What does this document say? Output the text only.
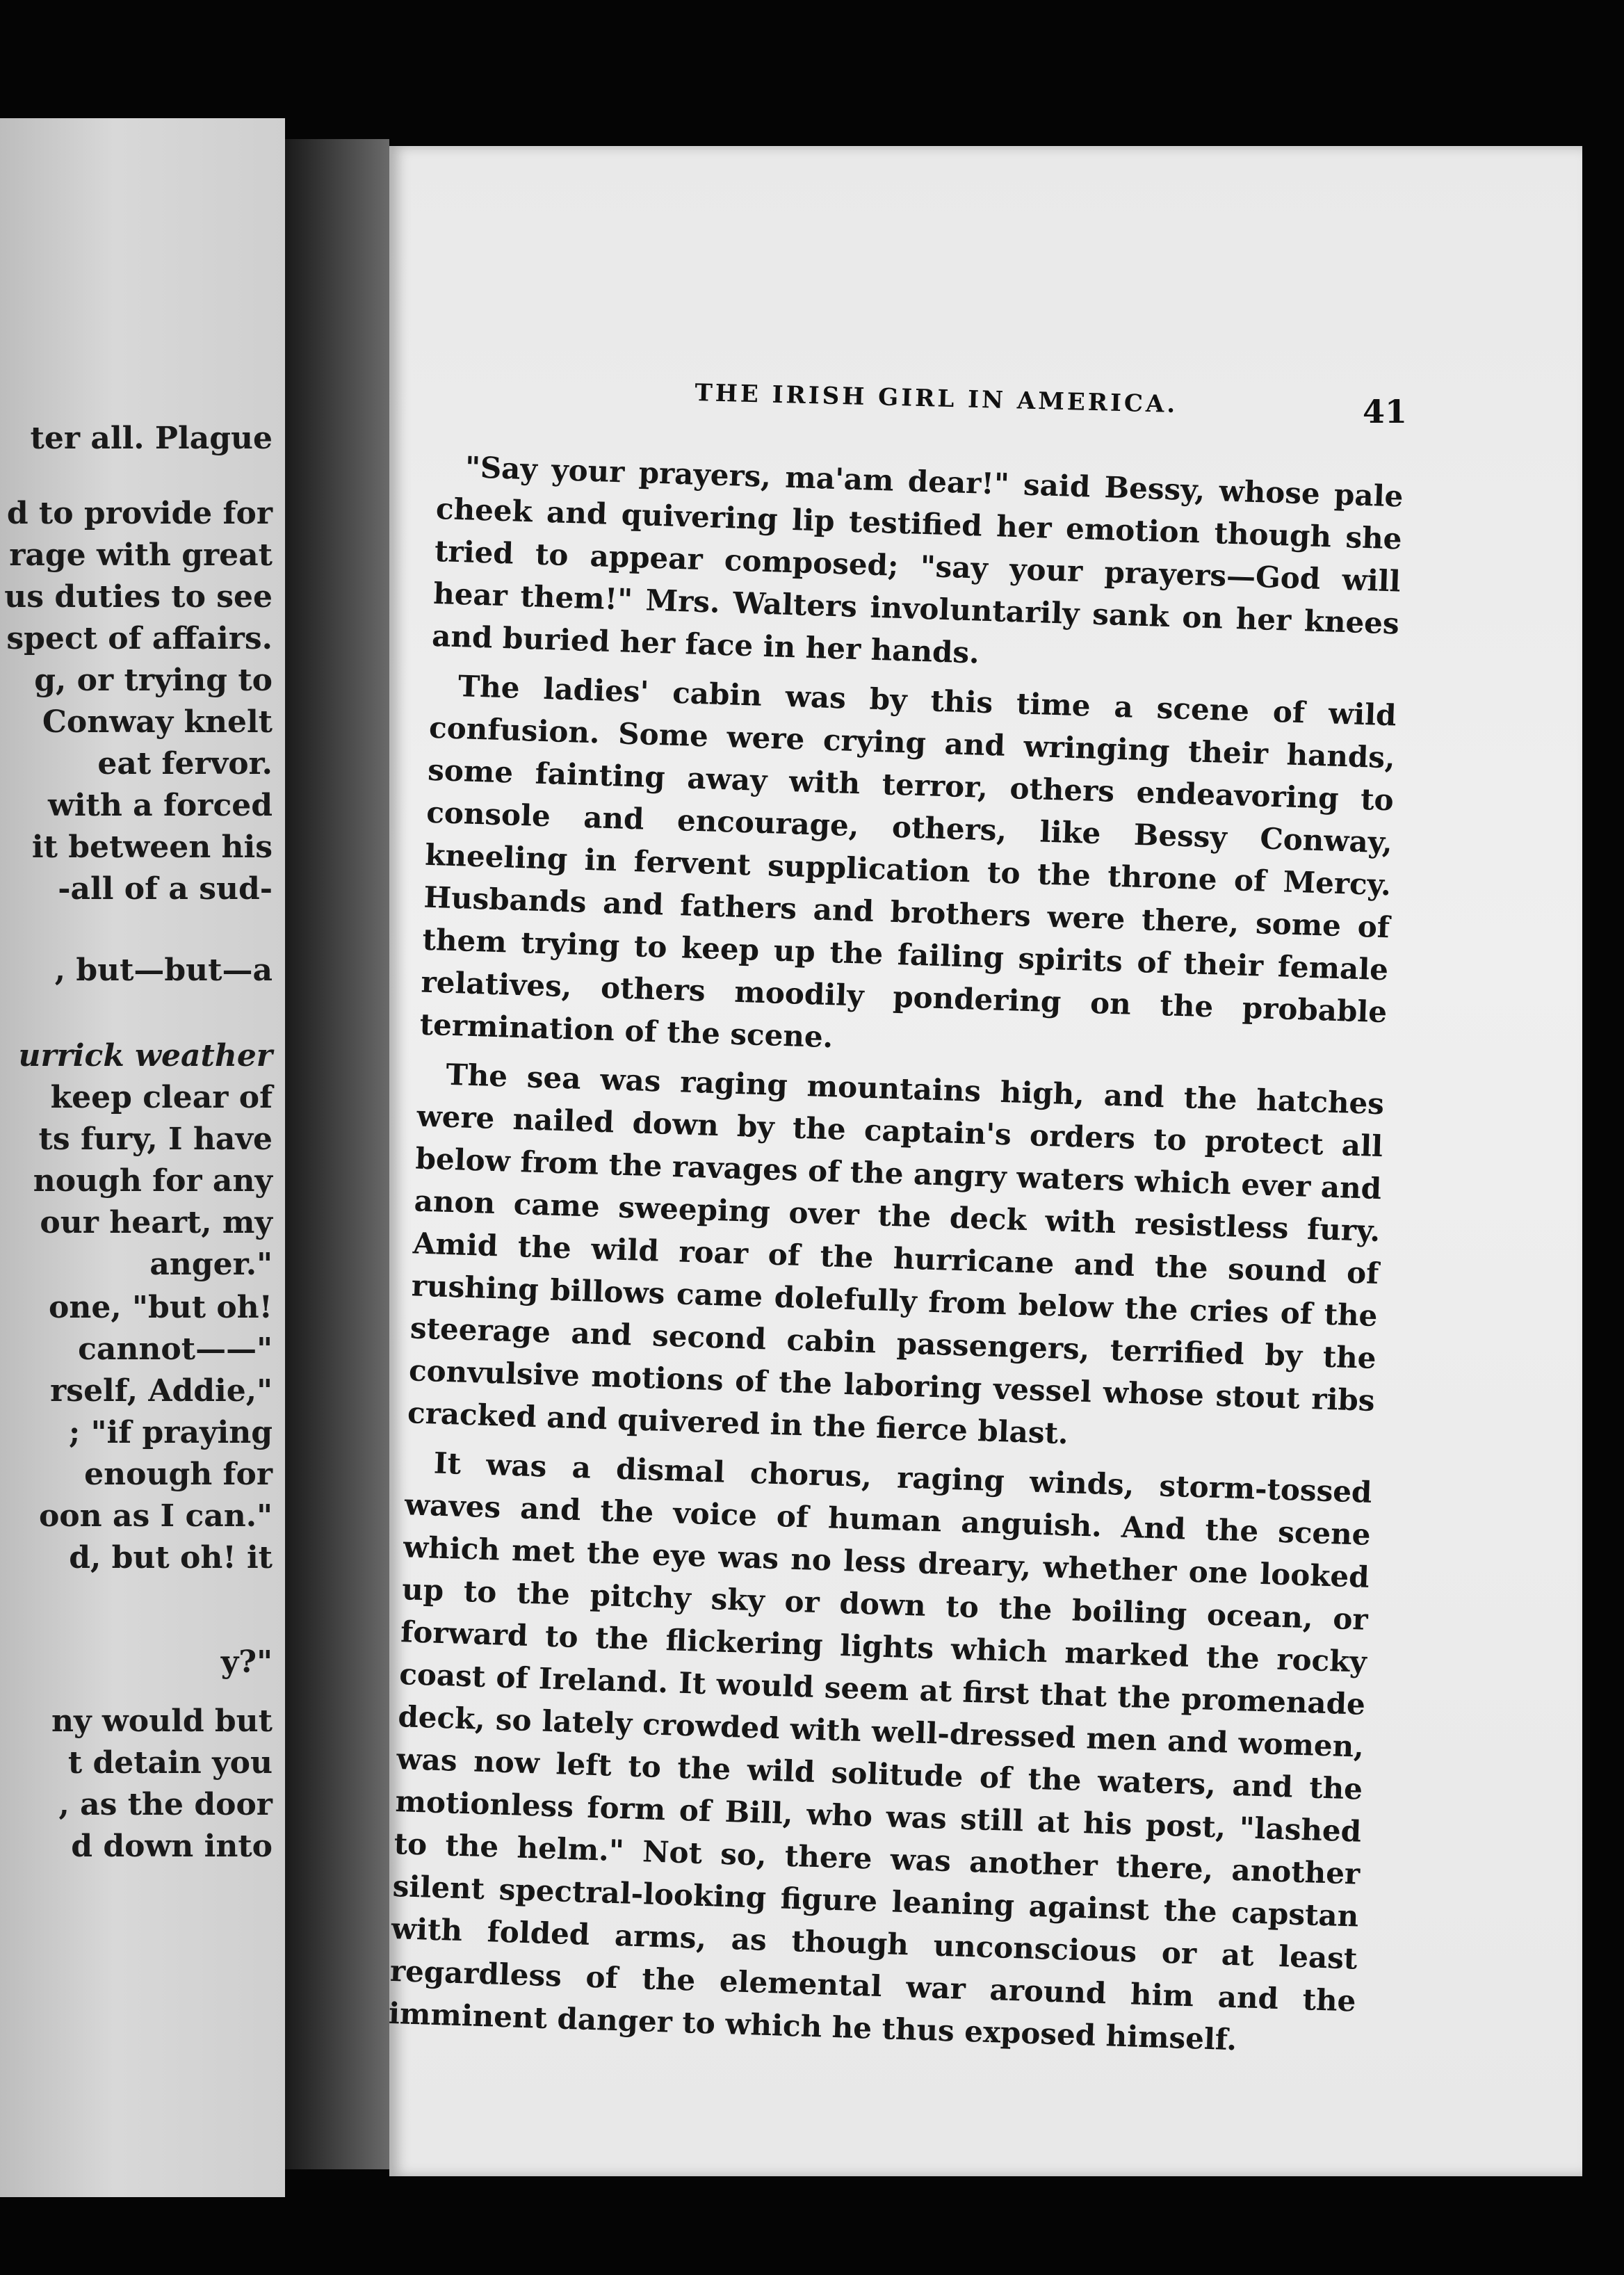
ter all. Plague
d to provide for
rage with great
us duties to see
spect of affairs.
g, or trying to
Conway knelt
eat fervor.
with a forced
it between his
-all of a sud-
, but—but—a
urrick weather
keep clear of
ts fury, I have
nough for any
our heart, my
anger."
one, "but oh!
cannot——"
rself, Addie,"
; "if praying
enough for
oon as I can."
d, but oh! it
y?"
ny would but
t detain you
, as the door
d down into
THE IRISH GIRL IN AMERICA.	41

"Say your prayers, ma'am dear!" said Bessy, whose pale cheek and quivering lip testified her emotion though she tried to appear composed; "say your prayers—God will hear them!" Mrs. Walters involuntarily sank on her knees and buried her face in her hands.

The ladies' cabin was by this time a scene of wild confusion. Some were crying and wringing their hands, some fainting away with terror, others endeavoring to console and encourage, others, like Bessy Conway, kneeling in fervent supplication to the throne of Mercy. Husbands and fathers and brothers were there, some of them trying to keep up the failing spirits of their female relatives, others moodily pondering on the probable termination of the scene.

The sea was raging mountains high, and the hatches were nailed down by the captain's orders to protect all below from the ravages of the angry waters which ever and anon came sweeping over the deck with resistless fury. Amid the wild roar of the hurricane and the sound of rushing billows came dolefully from below the cries of the steerage and second cabin passengers, terrified by the convulsive motions of the laboring vessel whose stout ribs cracked and quivered in the fierce blast.

It was a dismal chorus, raging winds, storm-tossed waves and the voice of human anguish. And the scene which met the eye was no less dreary, whether one looked up to the pitchy sky or down to the boiling ocean, or forward to the flickering lights which marked the rocky coast of Ireland. It would seem at first that the promenade deck, so lately crowded with well-dressed men and women, was now left to the wild solitude of the waters, and the motionless form of Bill, who was still at his post, "lashed to the helm." Not so, there was another there, another silent spectral-looking figure leaning against the capstan with folded arms, as though unconscious or at least regardless of the elemental war around him and the imminent danger to which he thus exposed himself.
